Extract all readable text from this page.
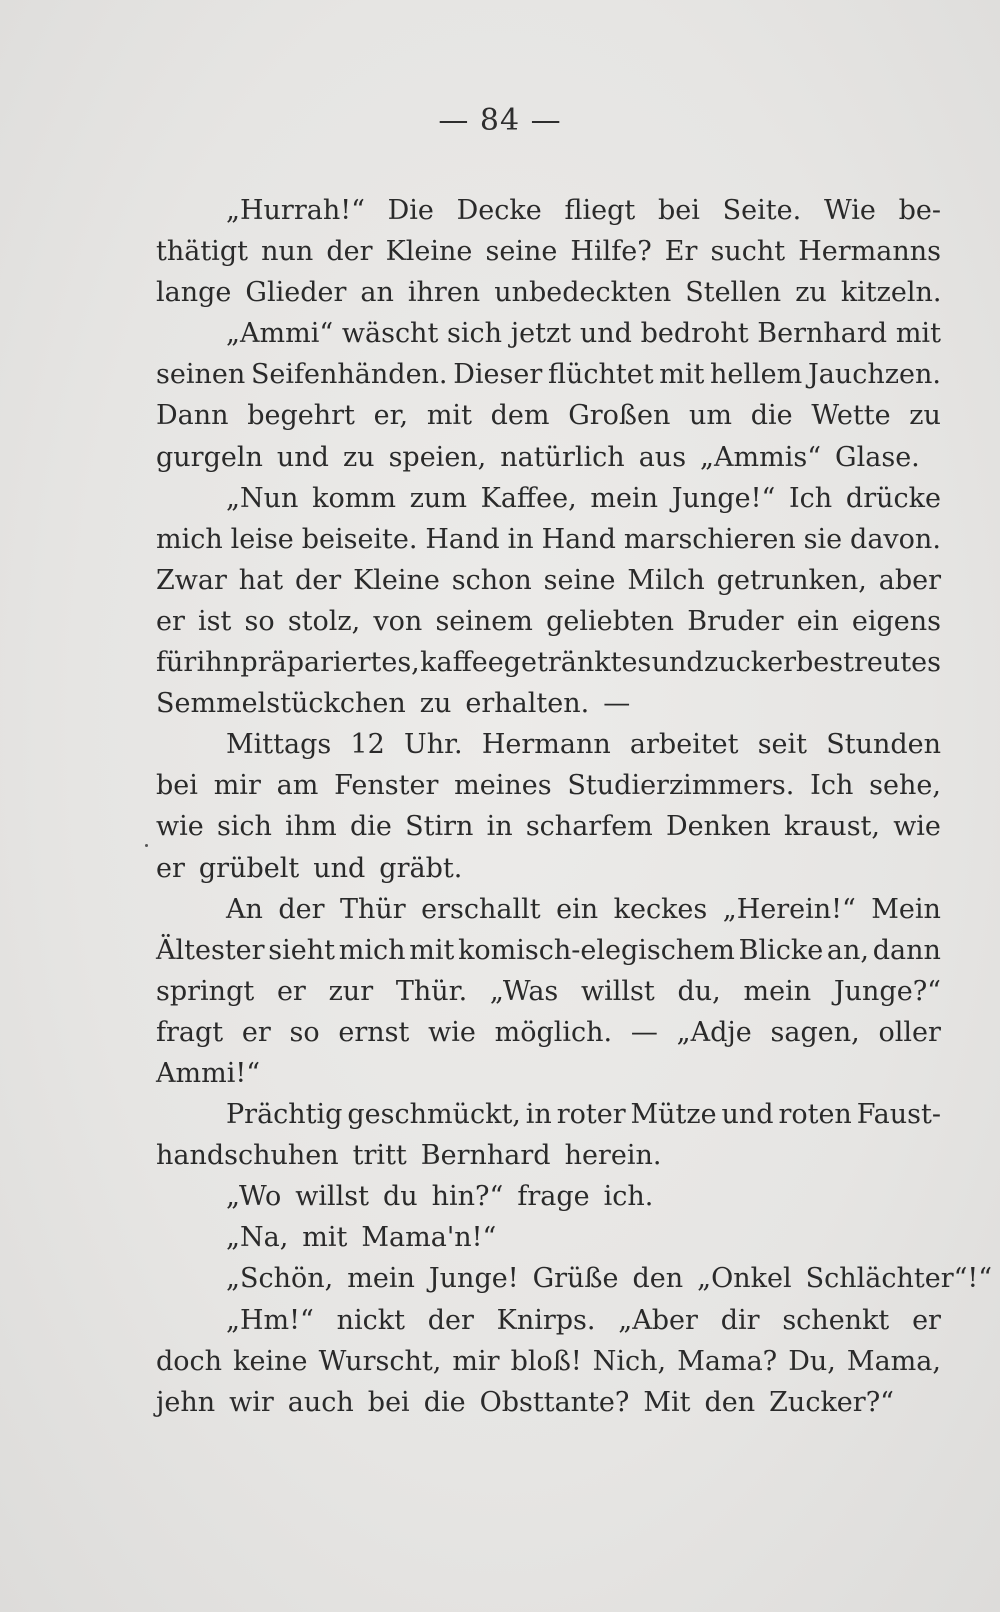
— 84 —
„Hurrah!“ Die Decke fliegt bei Seite. Wie be-
thätigt nun der Kleine seine Hilfe? Er sucht Hermanns
lange Glieder an ihren unbedeckten Stellen zu kitzeln.
„Ammi“ wäscht sich jetzt und bedroht Bernhard mit
seinen Seifenhänden. Dieser flüchtet mit hellem Jauchzen.
Dann begehrt er, mit dem Großen um die Wette zu
gurgeln und zu speien, natürlich aus „Ammis“ Glase.
„Nun komm zum Kaffee, mein Junge!“ Ich drücke
mich leise beiseite. Hand in Hand marschieren sie davon.
Zwar hat der Kleine schon seine Milch getrunken, aber
er ist so stolz, von seinem geliebten Bruder ein eigens
für ihn präpariertes, kaffeegetränktes und zuckerbestreutes
Semmelstückchen zu erhalten. —
Mittags 12 Uhr. Hermann arbeitet seit Stunden
bei mir am Fenster meines Studierzimmers. Ich sehe,
wie sich ihm die Stirn in scharfem Denken kraust, wie
er grübelt und gräbt.
An der Thür erschallt ein keckes „Herein!“ Mein
Ältester sieht mich mit komisch-elegischem Blicke an, dann
springt er zur Thür. „Was willst du, mein Junge?“
fragt er so ernst wie möglich. — „Adje sagen, oller
Ammi!“
Prächtig geschmückt, in roter Mütze und roten Faust-
handschuhen tritt Bernhard herein.
„Wo willst du hin?“ frage ich.
„Na, mit Mama'n!“
„Schön, mein Junge! Grüße den „Onkel Schlächter“!“
„Hm!“ nickt der Knirps. „Aber dir schenkt er
doch keine Wurscht, mir bloß! Nich, Mama? Du, Mama,
jehn wir auch bei die Obsttante? Mit den Zucker?“
